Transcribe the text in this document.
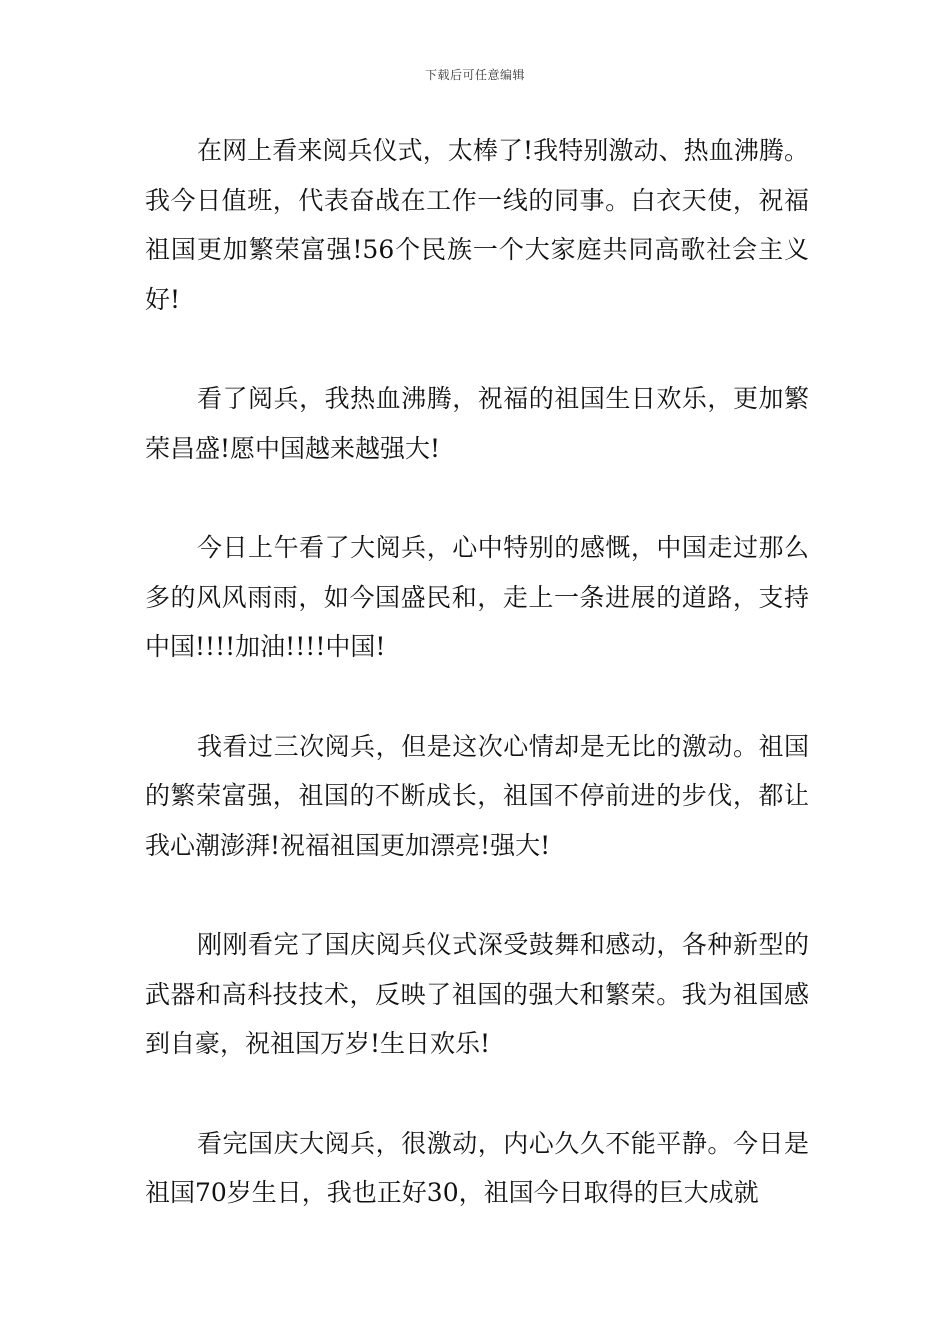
下载后可任意编辑

在网上看来阅兵仪式，太棒了!我特别激动、热血沸腾。我今日值班，代表奋战在工作一线的同事。白衣天使，祝福祖国更加繁荣富强!56个民族一个大家庭共同高歌社会主义好!

看了阅兵，我热血沸腾，祝福的祖国生日欢乐，更加繁荣昌盛!愿中国越来越强大!

今日上午看了大阅兵，心中特别的感慨，中国走过那么多的风风雨雨，如今国盛民和，走上一条进展的道路，支持中国!!!!加油!!!!中国!

我看过三次阅兵，但是这次心情却是无比的激动。祖国的繁荣富强，祖国的不断成长，祖国不停前进的步伐，都让我心潮澎湃!祝福祖国更加漂亮!强大!

刚刚看完了国庆阅兵仪式深受鼓舞和感动，各种新型的武器和高科技技术，反映了祖国的强大和繁荣。我为祖国感到自豪，祝祖国万岁!生日欢乐!

看完国庆大阅兵，很激动，内心久久不能平静。今日是祖国70岁生日，我也正好30，祖国今日取得的巨大成就
